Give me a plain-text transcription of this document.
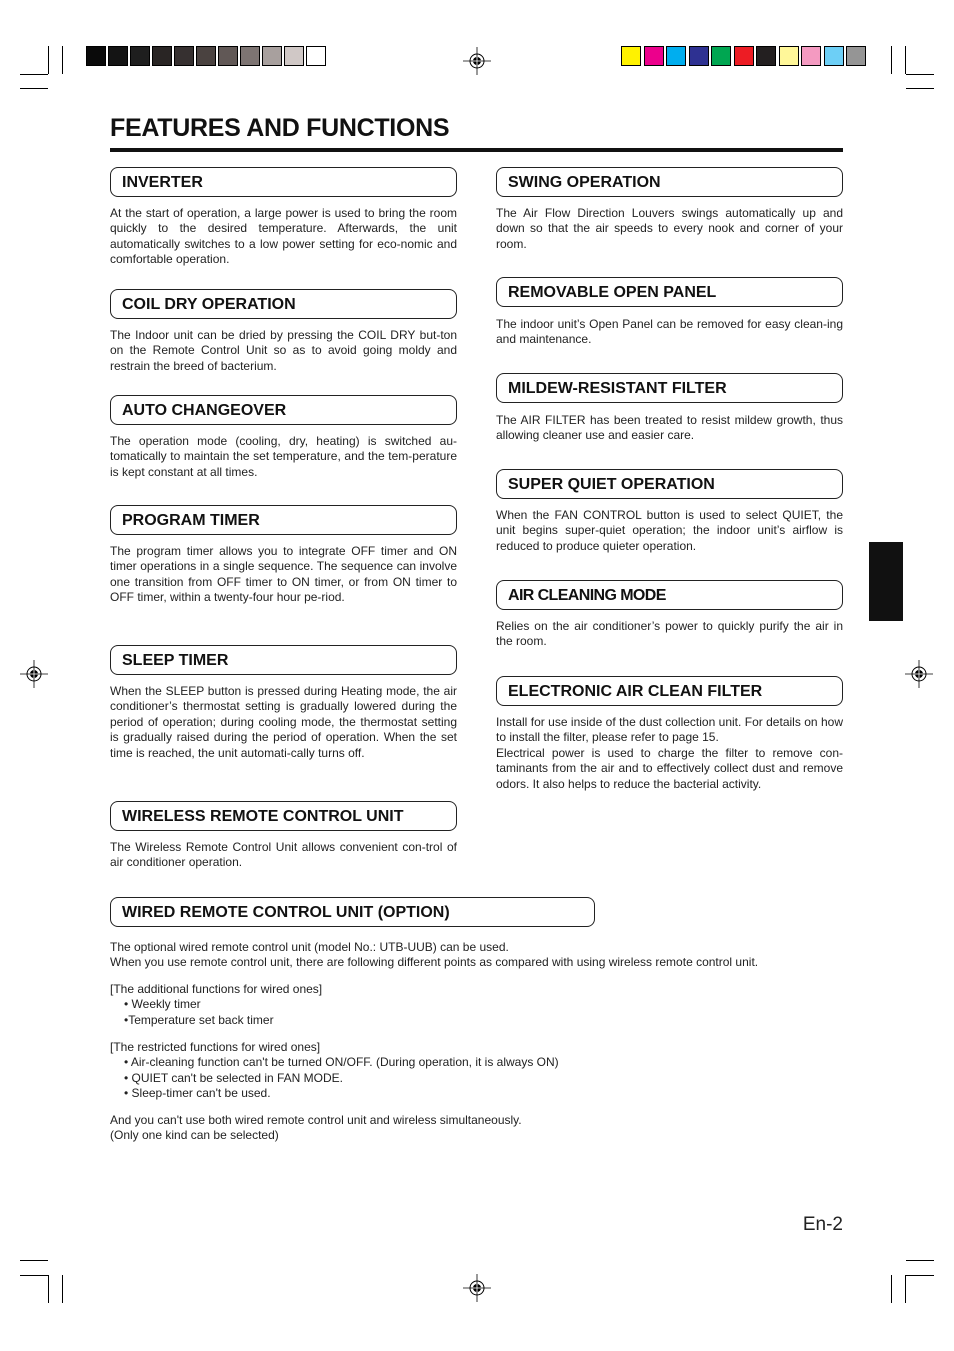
FEATURES AND FUNCTIONS
INVERTER
At the start of operation, a large power is used to bring the room quickly to the desired temperature. Afterwards, the unit automatically switches to a low power setting for eco-nomic and comfortable operation.
COIL DRY OPERATION
The Indoor unit can be dried by pressing the COIL DRY but-ton on the Remote Control Unit so as to avoid going moldy and restrain the breed of bacterium.
AUTO CHANGEOVER
The operation mode (cooling, dry, heating) is switched au-tomatically to maintain the set temperature, and the tem-perature is kept constant at all times.
PROGRAM TIMER
The program timer allows you to integrate OFF timer and ON timer operations in a single sequence. The sequence can involve one transition from OFF timer to ON timer, or from ON timer to OFF timer, within a twenty-four hour pe-riod.
SLEEP TIMER
When the SLEEP button is pressed during Heating mode, the air conditioner’s thermostat setting is gradually lowered during the period of operation; during cooling mode, the thermostat setting is gradually raised during the period of operation. When the set time is reached, the unit automati-cally turns off.
WIRELESS REMOTE CONTROL UNIT
The Wireless Remote Control Unit allows convenient con-trol of air conditioner operation.
SWING OPERATION
The Air Flow Direction Louvers swings automatically up and down so that the air speeds to every nook and corner of your room.
REMOVABLE OPEN PANEL
The indoor unit’s Open Panel can be removed for easy clean-ing and maintenance.
MILDEW-RESISTANT FILTER
The AIR FILTER has been treated to resist mildew growth, thus allowing cleaner use and easier care.
SUPER QUIET OPERATION
When the FAN CONTROL button is used to select QUIET, the unit begins super-quiet operation; the indoor unit’s airflow is reduced to produce quieter operation.
AIR CLEANING MODE
Relies on the air conditioner’s power to quickly purify the air in the room.
ELECTRONIC AIR CLEAN FILTER

Install for use inside of the dust collection unit. For details on how to install the filter, please refer to page 15.

Electrical power is used to charge the filter to remove con-taminants from the air and to effectively collect dust and remove odors. It also helps to reduce the bacterial activity.

WIRED REMOTE CONTROL UNIT (OPTION)

The optional wired remote control unit (model No.: UTB-UUB) can be used.

When you use remote control unit, there are following different points as compared with using wireless remote control unit.

[The additional functions for wired ones]

• Weekly timer

•Temperature set back timer

[The restricted functions for wired ones]

• Air-cleaning function can't be turned ON/OFF. (During operation, it is always ON)

• QUIET can't be selected in FAN MODE.

• Sleep-timer can't be used.

And you can't use both wired remote control unit and wireless simultaneously.

(Only one kind can be selected)

En-2
